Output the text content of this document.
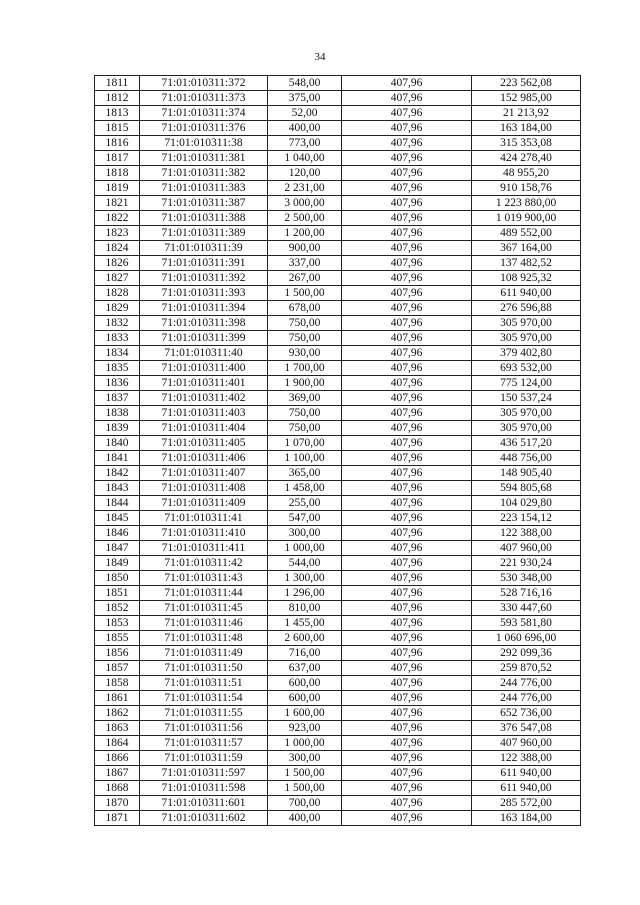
34
1811	71:01:010311:372	548,00	407,96	223 562,08
1812	71:01:010311:373	375,00	407,96	152 985,00
1813	71:01:010311:374	52,00	407,96	21 213,92
1815	71:01:010311:376	400,00	407,96	163 184,00
1816	71:01:010311:38	773,00	407,96	315 353,08
1817	71:01:010311:381	1 040,00	407,96	424 278,40
1818	71:01:010311:382	120,00	407,96	48 955,20
1819	71:01:010311:383	2 231,00	407,96	910 158,76
1821	71:01:010311:387	3 000,00	407,96	1 223 880,00
1822	71:01:010311:388	2 500,00	407,96	1 019 900,00
1823	71:01:010311:389	1 200,00	407,96	489 552,00
1824	71:01:010311:39	900,00	407,96	367 164,00
1826	71:01:010311:391	337,00	407,96	137 482,52
1827	71:01:010311:392	267,00	407,96	108 925,32
1828	71:01:010311:393	1 500,00	407,96	611 940,00
1829	71:01:010311:394	678,00	407,96	276 596,88
1832	71:01:010311:398	750,00	407,96	305 970,00
1833	71:01:010311:399	750,00	407,96	305 970,00
1834	71:01:010311:40	930,00	407,96	379 402,80
1835	71:01:010311:400	1 700,00	407,96	693 532,00
1836	71:01:010311:401	1 900,00	407,96	775 124,00
1837	71:01:010311:402	369,00	407,96	150 537,24
1838	71:01:010311:403	750,00	407,96	305 970,00
1839	71:01:010311:404	750,00	407,96	305 970,00
1840	71:01:010311:405	1 070,00	407,96	436 517,20
1841	71:01:010311:406	1 100,00	407,96	448 756,00
1842	71:01:010311:407	365,00	407,96	148 905,40
1843	71:01:010311:408	1 458,00	407,96	594 805,68
1844	71:01:010311:409	255,00	407,96	104 029,80
1845	71:01:010311:41	547,00	407,96	223 154,12
1846	71:01:010311:410	300,00	407,96	122 388,00
1847	71:01:010311:411	1 000,00	407,96	407 960,00
1849	71:01:010311:42	544,00	407,96	221 930,24
1850	71:01:010311:43	1 300,00	407,96	530 348,00
1851	71:01:010311:44	1 296,00	407,96	528 716,16
1852	71:01:010311:45	810,00	407,96	330 447,60
1853	71:01:010311:46	1 455,00	407,96	593 581,80
1855	71:01:010311:48	2 600,00	407,96	1 060 696,00
1856	71:01:010311:49	716,00	407,96	292 099,36
1857	71:01:010311:50	637,00	407,96	259 870,52
1858	71:01:010311:51	600,00	407,96	244 776,00
1861	71:01:010311:54	600,00	407,96	244 776,00
1862	71:01:010311:55	1 600,00	407,96	652 736,00
1863	71:01:010311:56	923,00	407,96	376 547,08
1864	71:01:010311:57	1 000,00	407,96	407 960,00
1866	71:01:010311:59	300,00	407,96	122 388,00
1867	71:01:010311:597	1 500,00	407,96	611 940,00
1868	71:01:010311:598	1 500,00	407,96	611 940,00
1870	71:01:010311:601	700,00	407,96	285 572,00
1871	71:01:010311:602	400,00	407,96	163 184,00
